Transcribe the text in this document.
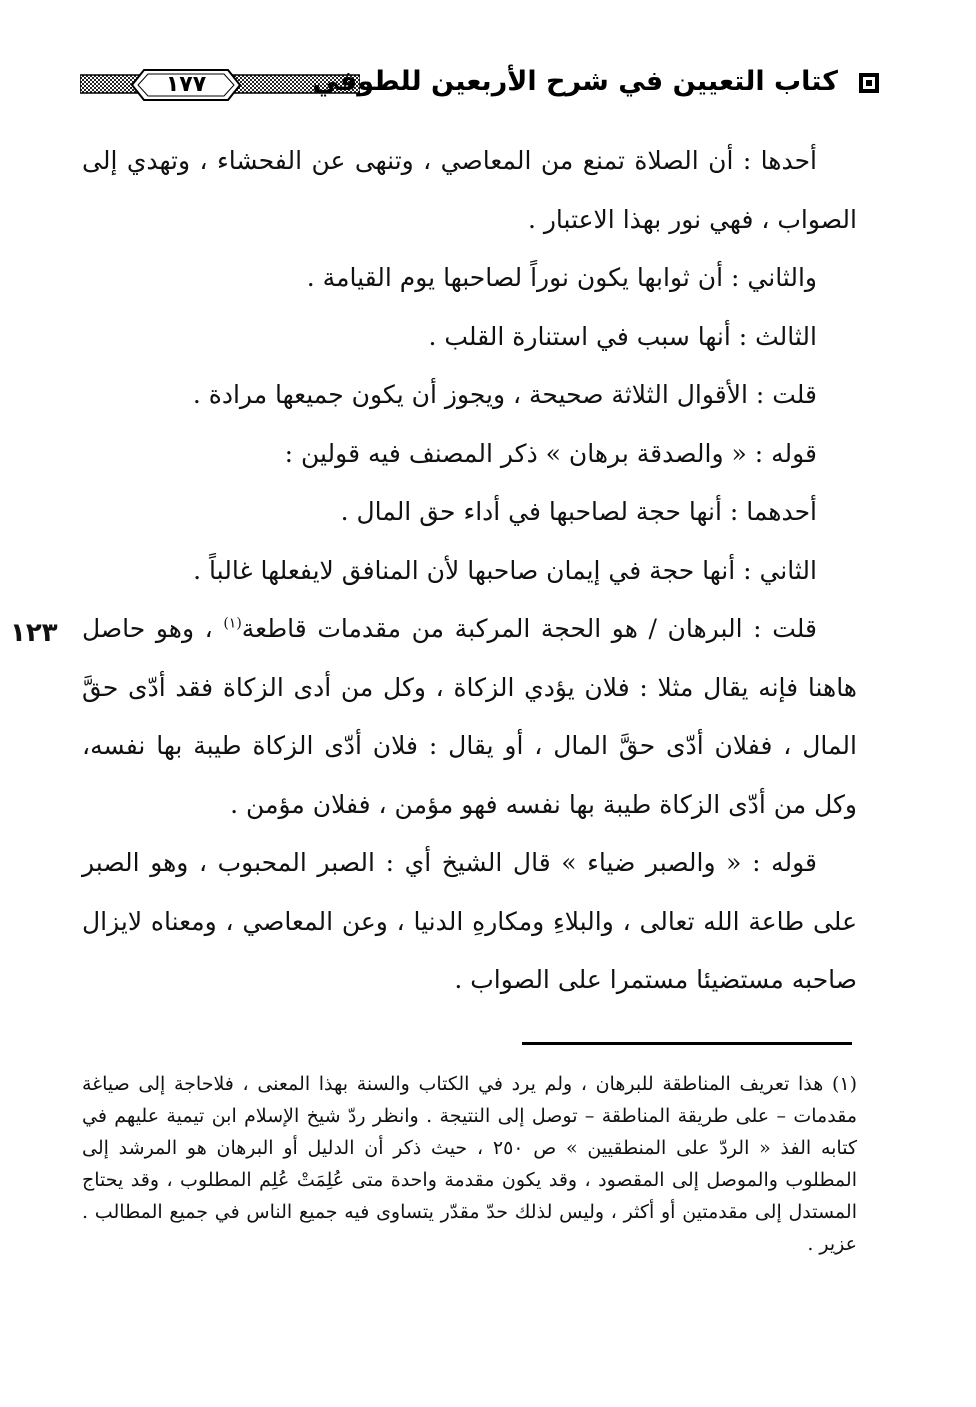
١٧٧	كتاب التعيين في شرح الأربعين للطوفي
١٢٣

أحدها : أن الصلاة تمنع من المعاصي ، وتنهى عن الفحشاء ، وتهدي إلى الصواب ، فهي نور بهذا الاعتبار .

والثاني : أن ثوابها يكون نوراً لصاحبها يوم القيامة .

الثالث : أنها سبب في استنارة القلب .

قلت : الأقوال الثلاثة صحيحة ، ويجوز أن يكون جميعها مرادة .

قوله : « والصدقة برهان » ذكر المصنف فيه قولين :

أحدهما : أنها حجة لصاحبها في أداء حق المال .

الثاني : أنها حجة في إيمان صاحبها لأن المنافق لايفعلها غالباً .

قلت : البرهان / هو الحجة المركبة من مقدمات قاطعة$^{(١)}$ ، وهو حاصل هاهنا فإنه يقال مثلا : فلان يؤدي الزكاة ، وكل من أدى الزكاة فقد أدّى حقَّ المال ، ففلان أدّى حقَّ المال ، أو يقال : فلان أدّى الزكاة طيبة بها نفسه، وكل من أدّى الزكاة طيبة بها نفسه فهو مؤمن ، ففلان مؤمن .

قوله : « والصبر ضياء » قال الشيخ أي : الصبر المحبوب ، وهو الصبر على طاعة الله تعالى ، والبلاءِ ومكارهِ الدنيا ، وعن المعاصي ، ومعناه لايزال صاحبه مستضيئا مستمرا على الصواب .

(١) هذا تعريف المناطقة للبرهان ، ولم يرد في الكتاب والسنة بهذا المعنى ، فلاحاجة إلى صياغة مقدمات – على طريقة المناطقة – توصل إلى النتيجة . وانظر ردّ شيخ الإسلام ابن تيمية عليهم في كتابه الفذ « الردّ على المنطقيين » ص ٢٥٠ ، حيث ذكر أن الدليل أو البرهان هو المرشد إلى المطلوب والموصل إلى المقصود ، وقد يكون مقدمة واحدة متى عُلِمَتْ عُلِم المطلوب ، وقد يحتاج المستدل إلى مقدمتين أو أكثر ، وليس لذلك حدّ مقدّر يتساوى فيه جميع الناس في جميع المطالب . عزير .
